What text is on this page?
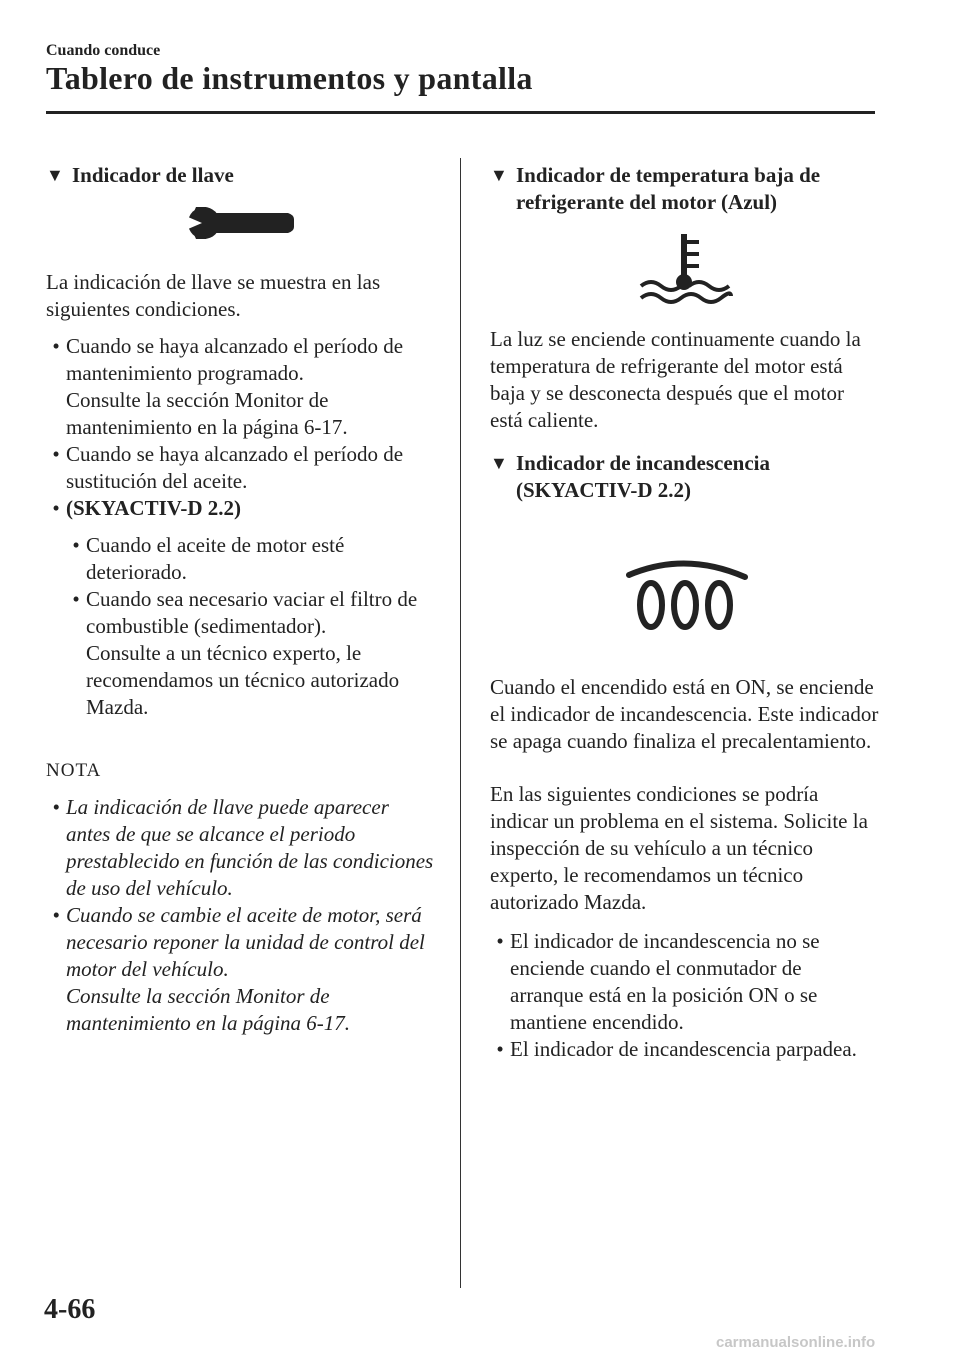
Cuando conduce
Tablero de instrumentos y pantalla
▼ Indicador de llave

La indicación de llave se muestra en las siguientes condiciones.

• Cuando se haya alcanzado el período de mantenimiento programado.
Consulte la sección Monitor de mantenimiento en la página 6-17.
• Cuando se haya alcanzado el período de sustitución del aceite.
• (SKYACTIV-D 2.2)
• Cuando el aceite de motor esté deteriorado.
• Cuando sea necesario vaciar el filtro de combustible (sedimentador).
Consulte a un técnico experto, le recomendamos un técnico autorizado Mazda.
NOTA
• La indicación de llave puede aparecer antes de que se alcance el periodo prestablecido en función de las condiciones de uso del vehículo.
• Cuando se cambie el aceite de motor, será necesario reponer la unidad de control del motor del vehículo.
Consulte la sección Monitor de mantenimiento en la página 6-17.
▼ Indicador de temperatura baja de refrigerante del motor (Azul)

La luz se enciende continuamente cuando la temperatura de refrigerante del motor está baja y se desconecta después que el motor está caliente.

▼ Indicador de incandescencia (SKYACTIV-D 2.2)

Cuando el encendido está en ON, se enciende el indicador de incandescencia. Este indicador se apaga cuando finaliza el precalentamiento.

En las siguientes condiciones se podría indicar un problema en el sistema. Solicite la inspección de su vehículo a un técnico experto, le recomendamos un técnico autorizado Mazda.

• El indicador de incandescencia no se enciende cuando el conmutador de arranque está en la posición ON o se mantiene encendido.
• El indicador de incandescencia parpadea.
4-66
carmanualsonline.info
